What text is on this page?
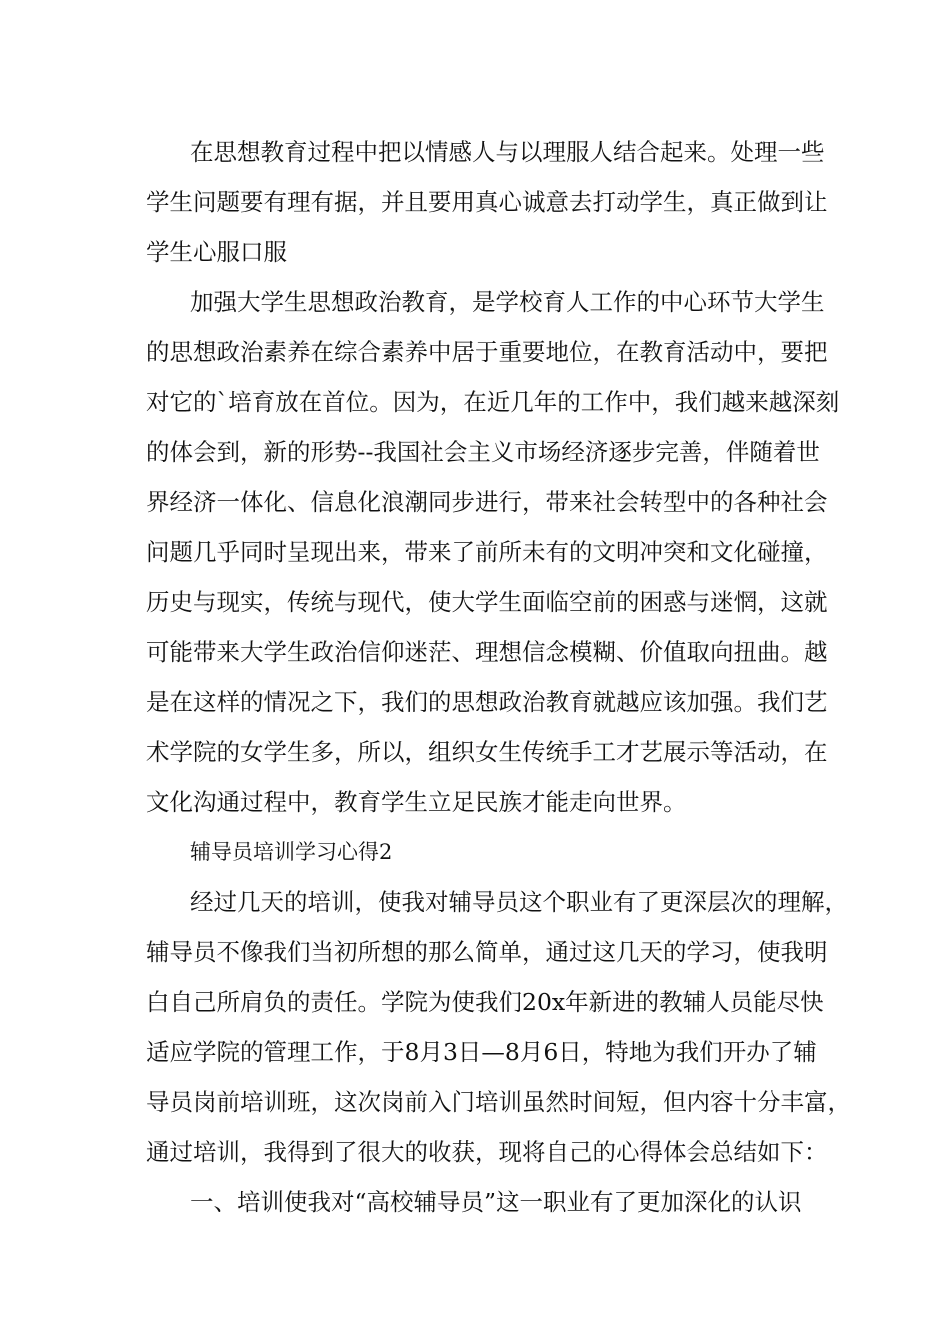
在思想教育过程中把以情感人与以理服人结合起来。处理一些
学生问题要有理有据，并且要用真心诚意去打动学生，真正做到让
学生心服口服
加强大学生思想政治教育，是学校育人工作的中心环节大学生
的思想政治素养在综合素养中居于重要地位，在教育活动中，要把
对它的`培育放在首位。因为，在近几年的工作中，我们越来越深刻
的体会到，新的形势--我国社会主义市场经济逐步完善，伴随着世
界经济一体化、信息化浪潮同步进行，带来社会转型中的各种社会
问题几乎同时呈现出来，带来了前所未有的文明冲突和文化碰撞，
历史与现实，传统与现代，使大学生面临空前的困惑与迷惘，这就
可能带来大学生政治信仰迷茫、理想信念模糊、价值取向扭曲。越
是在这样的情况之下，我们的思想政治教育就越应该加强。我们艺
术学院的女学生多，所以，组织女生传统手工才艺展示等活动，在
文化沟通过程中，教育学生立足民族才能走向世界。
辅导员培训学习心得2
经过几天的培训，使我对辅导员这个职业有了更深层次的理解，
辅导员不像我们当初所想的那么简单，通过这几天的学习，使我明
白自己所肩负的责任。学院为使我们20x年新进的教辅人员能尽快
适应学院的管理工作，于8月3日—8月6日，特地为我们开办了辅
导员岗前培训班，这次岗前入门培训虽然时间短，但内容十分丰富，
通过培训，我得到了很大的收获，现将自己的心得体会总结如下：
一、培训使我对“高校辅导员”这一职业有了更加深化的认识
